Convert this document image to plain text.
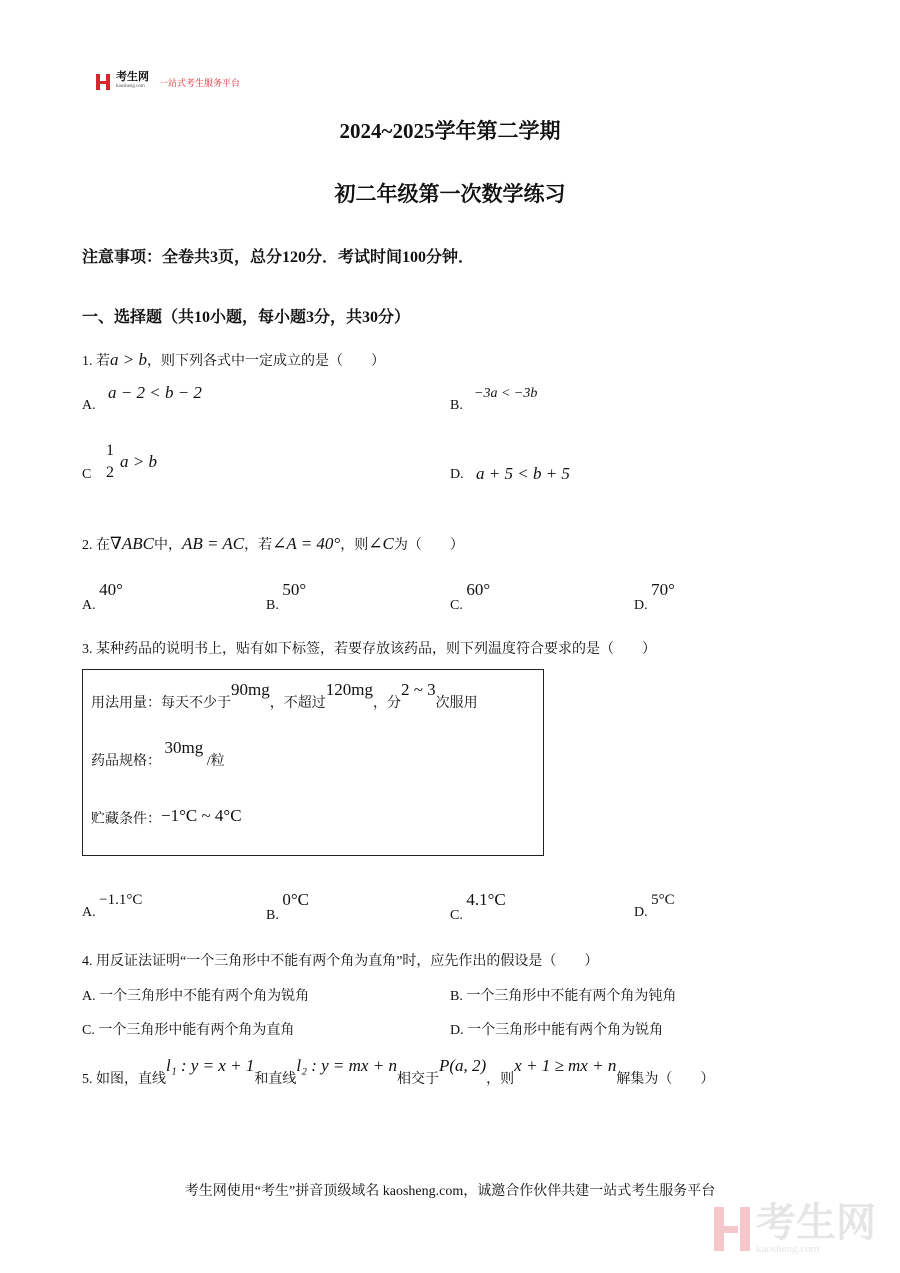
考生网
kaosheng.com	一站式考生服务平台
2024~2025学年第二学期
初二年级第一次数学练习
注意事项：全卷共3页，总分120分．考试时间100分钟．
一、选择题（共10小题，每小题3分，共30分）
1. 若a > b，则下列各式中一定成立的是（　　）
A.
a − 2 < b − 2
B.
−3a < −3b
C
1
2
a > b
D. a + 5 < b + 5
2. 在∇ABC中，AB = AC，若∠A = 40°，则∠C为（　　）
A. 40°
B. 50°
C. 60°
D. 70°
3. 某种药品的说明书上，贴有如下标签，若要存放该药品，则下列温度符合要求的是（　　）
用法用量：每天不少于90mg，不超过120mg，分2 ~ 3次服用
药品规格： 30mg /粒
贮藏条件：−1°C ~ 4°C
A. −1.1°C
B. 0°C
C. 4.1°C
D. 5°C
4. 用反证法证明“一个三角形中不能有两个角为直角”时，应先作出的假设是（　　）
A. 一个三角形中不能有两个角为锐角	B. 一个三角形中不能有两个角为钝角
C. 一个三角形中能有两个角为直角	D. 一个三角形中能有两个角为锐角
5. 如图，直线l₁ : y = x + 1和直线l₂ : y = mx + n相交于P(a, 2)，则x + 1 ≥ mx + n解集为（　　）
考生网使用“考生”拼音顶级域名 kaosheng.com，诚邀合作伙伴共建一站式考生服务平台
考生网
kaosheng.com
